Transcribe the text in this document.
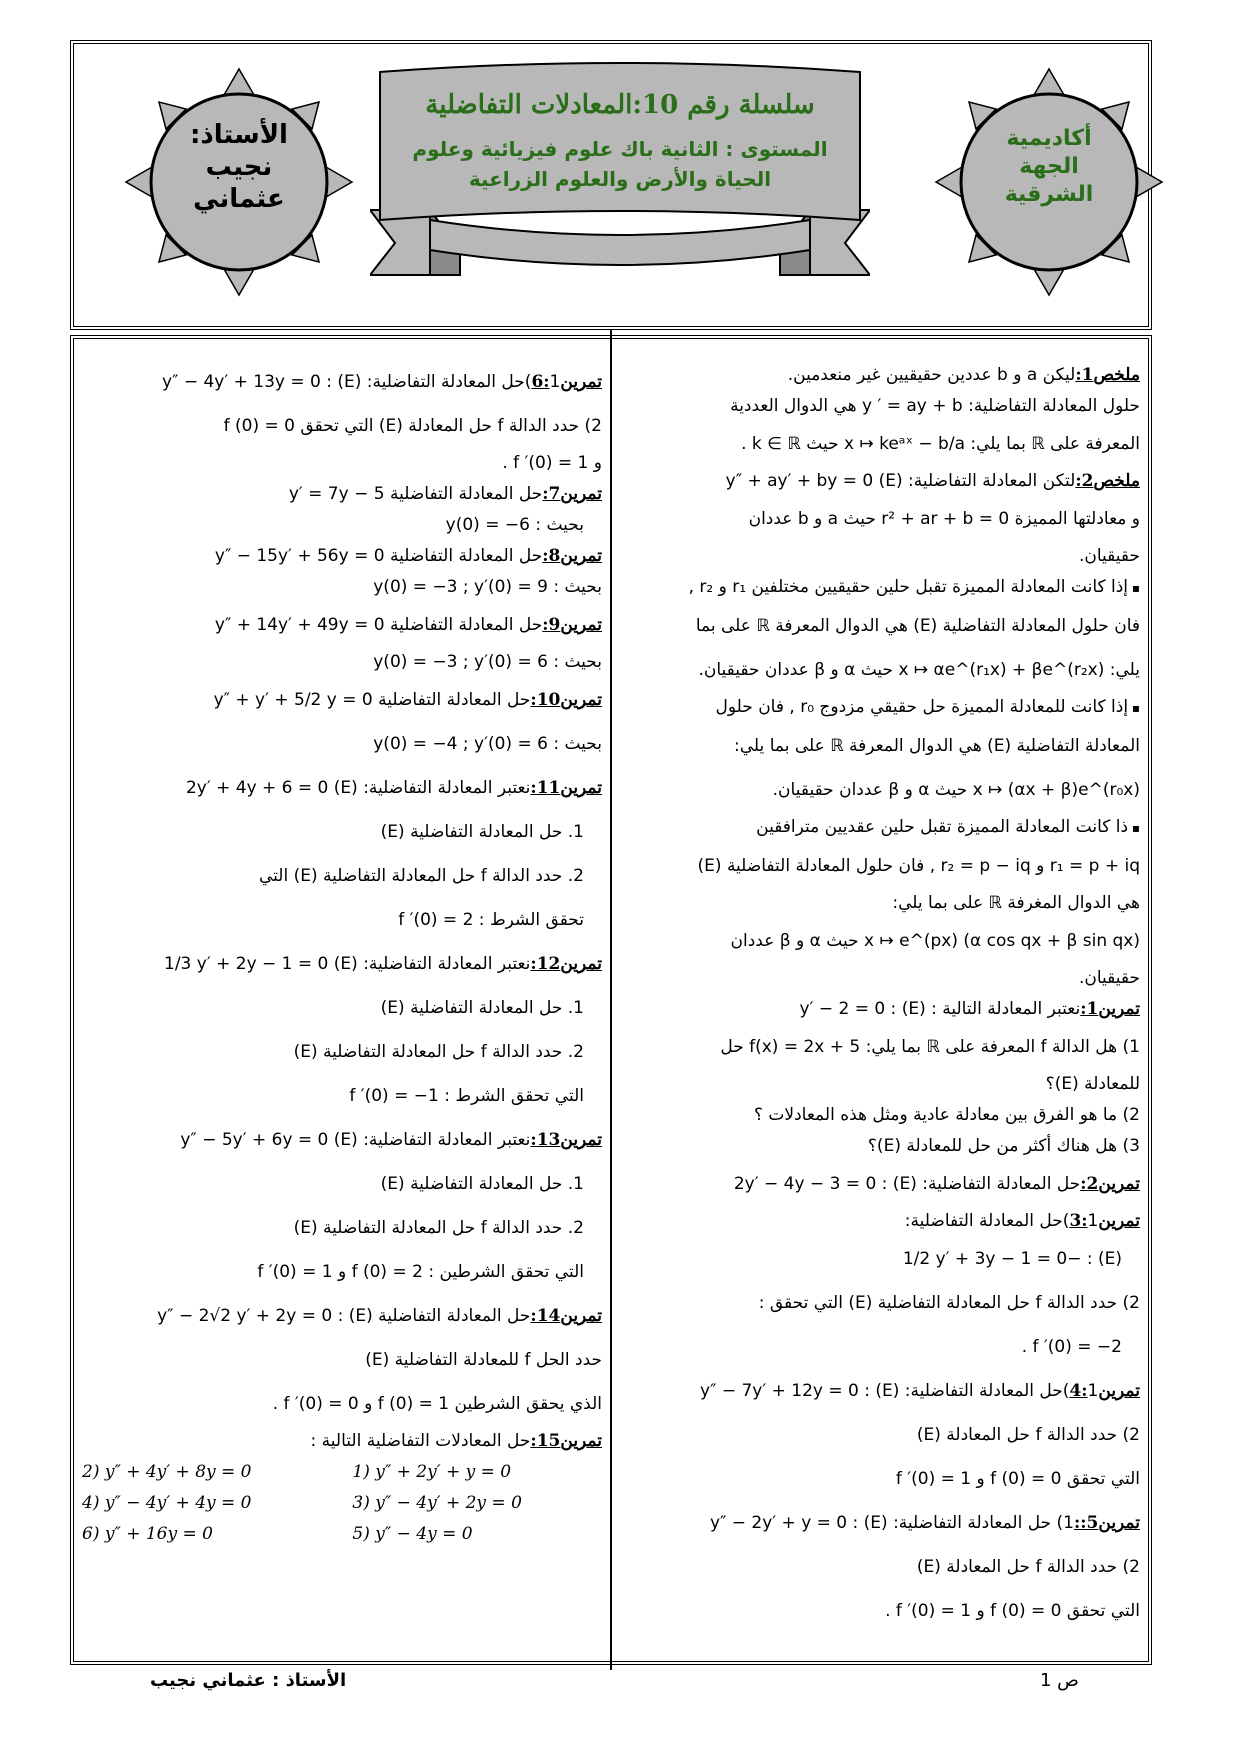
الأستاذ:
نجيب
عثماني
أكاديمية
الجهة
الشرقية
سلسلة رقم 10:المعادلات التفاضلية
المستوى : الثانية باك علوم فيزيائية وعلوم
الحياة والأرض والعلوم الزراعية
ملخص1:ليكن a و b عددين حقيقيين غير منعدمين.
حلول المعادلة التفاضلية: y ′ = ay + b هي الدوال العددية
المعرفة على ℝ بما يلي: x ↦ keᵃˣ − b/a حيث k ∈ ℝ .
ملخص2:لتكن المعادلة التفاضلية: (E) y″ + ay′ + by = 0
و معادلتها المميزة r² + ar + b = 0 حيث a و b عددان
حقيقيان.
▪ إذا كانت المعادلة المميزة تقبل حلين حقيقيين مختلفين r₁ و r₂ ,
فان حلول المعادلة التفاضلية (E) هي الدوال المعرفة ℝ على بما
يلي: x ↦ αe^(r₁x) + βe^(r₂x) حيث α و β عددان حقيقيان.
▪ إذا كانت للمعادلة المميزة حل حقيقي مزدوج r₀ , فان حلول
المعادلة التفاضلية (E) هي الدوال المعرفة ℝ على بما يلي:
x ↦ (αx + β)e^(r₀x) حيث α و β عددان حقيقيان.
▪ ذا كانت المعادلة المميزة تقبل حلين عقديين مترافقين
r₁ = p + iq و r₂ = p − iq , فان حلول المعادلة التفاضلية (E)
هي الدوال المغرفة ℝ على بما يلي:
x ↦ e^(px) (α cos qx + β sin qx) حيث α و β عددان
حقيقيان.
تمرين1:نعتبر المعادلة التالية : (E) : y′ − 2 = 0
1) هل الدالة f المعرفة على ℝ بما يلي: f(x) = 2x + 5 حل
للمعادلة (E)؟
2) ما هو الفرق بين معادلة عادية ومثل هذه المعادلات ؟
3) هل هناك أكثر من حل للمعادلة (E)؟
تمرين2:حل المعادلة التفاضلية: (E) : 2y′ − 4y − 3 = 0
تمرين3:1)حل المعادلة التفاضلية:
(E) : −1/2 y′ + 3y − 1 = 0
2) حدد الدالة f حل المعادلة التفاضلية (E) التي تحقق :
f ′(0) = −2 .
تمرين4:1)حل المعادلة التفاضلية: (E) : y″ − 7y′ + 12y = 0
2) حدد الدالة f حل المعادلة (E)
التي تحقق f (0) = 0 و f ′(0) = 1
تمرين5::1) حل المعادلة التفاضلية: (E) : y″ − 2y′ + y = 0
2) حدد الدالة f حل المعادلة (E)
التي تحقق f (0) = 0 و f ′(0) = 1 .
تمرين6:1)حل المعادلة التفاضلية: (E) : y″ − 4y′ + 13y = 0
2) حدد الدالة f حل المعادلة (E) التي تحقق f (0) = 0
و f ′(0) = 1 .
تمرين7:حل المعادلة التفاضلية y′ = 7y − 5
بحيث : y(0) = −6
تمرين8:حل المعادلة التفاضلية y″ − 15y′ + 56y = 0
بحيث : y(0) = −3 ; y′(0) = 9
تمرين9:حل المعادلة التفاضلية y″ + 14y′ + 49y = 0
بحيث : y(0) = −3 ; y′(0) = 6
تمرين10:حل المعادلة التفاضلية y″ + y′ + 5/2 y = 0
بحيث : y(0) = −4 ; y′(0) = 6
تمرين11:نعتبر المعادلة التفاضلية: (E) 2y′ + 4y + 6 = 0
1. حل المعادلة التفاضلية (E)
2. حدد الدالة f حل المعادلة التفاضلية (E) التي
تحقق الشرط : f ′(0) = 2
تمرين12:نعتبر المعادلة التفاضلية: (E) 1/3 y′ + 2y − 1 = 0
1. حل المعادلة التفاضلية (E)
2. حدد الدالة f حل المعادلة التفاضلية (E)
التي تحقق الشرط : f ′(0) = −1
تمرين13:نعتبر المعادلة التفاضلية: (E) y″ − 5y′ + 6y = 0
1. حل المعادلة التفاضلية (E)
2. حدد الدالة f حل المعادلة التفاضلية (E)
التي تحقق الشرطين : f (0) = 2 و f ′(0) = 1
تمرين14:حل المعادلة التفاضلية (E) : y″ − 2√2 y′ + 2y = 0
حدد الحل f للمعادلة التفاضلية (E)
الذي يحقق الشرطين f (0) = 1 و f ′(0) = 0 .
تمرين15:حل المعادلات التفاضلية التالية :
1) y″ + 2y′ + y = 0
2) y″ + 4y′ + 8y = 0
3) y″ − 4y′ + 2y = 0
4) y″ − 4y′ + 4y = 0
5) y″ − 4y = 0
6) y″ + 16y = 0
الأستاذ : عثماني نجيب	ص 1
